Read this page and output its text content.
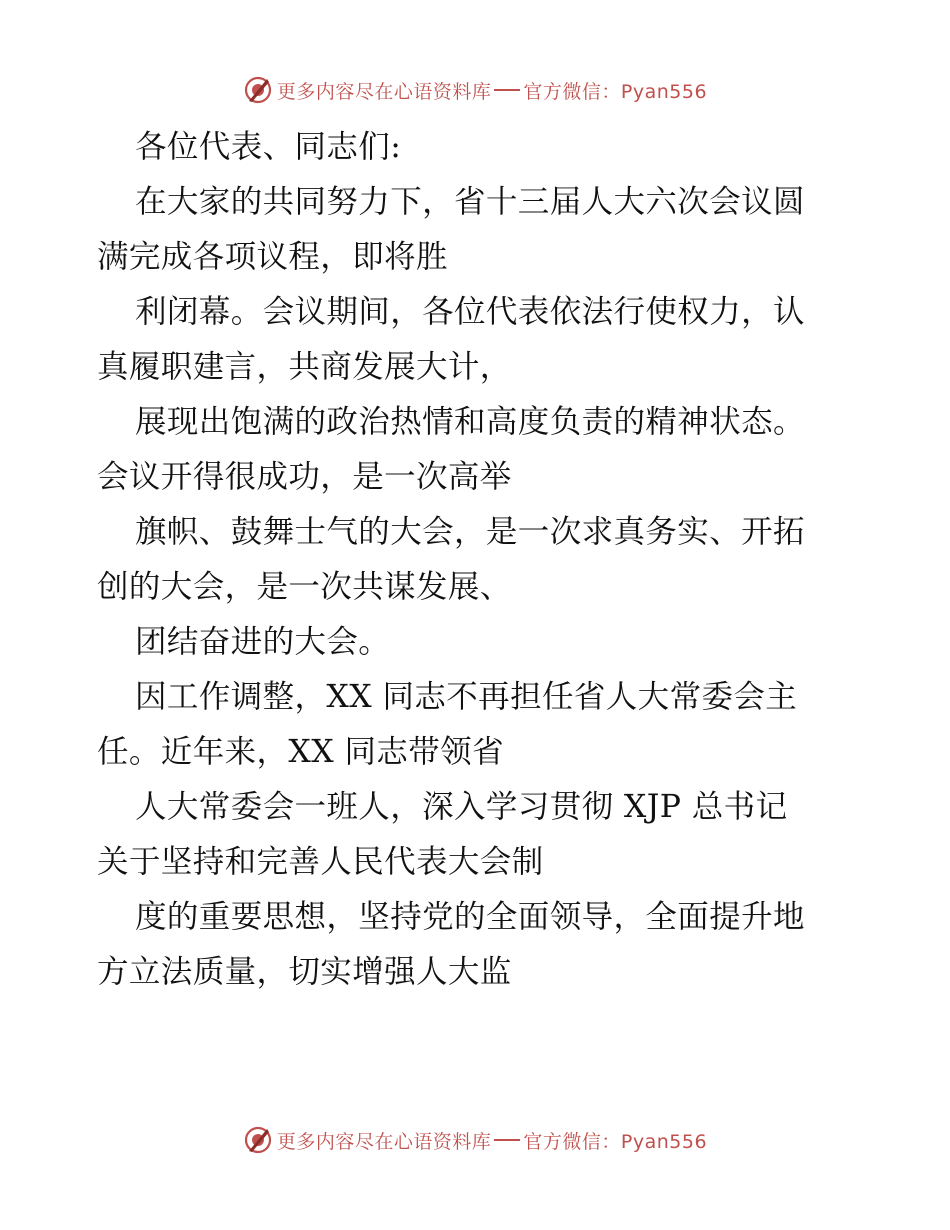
更多内容尽在心语资料库 官方微信：Pyan556
各位代表、同志们:
在大家的共同努力下，省十三届人大六次会议圆
满完成各项议程，即将胜
利闭幕。会议期间，各位代表依法行使权力，认
真履职建言，共商发展大计，
展现出饱满的政治热情和高度负责的精神状态。
会议开得很成功，是一次高举
旗帜、鼓舞士气的大会，是一次求真务实、开拓
创的大会，是一次共谋发展、
团结奋进的大会。
因工作调整，XX 同志不再担任省人大常委会主
任。近年来，XX 同志带领省
人大常委会一班人，深入学习贯彻 XJP 总书记
关于坚持和完善人民代表大会制
度的重要思想，坚持党的全面领导，全面提升地
方立法质量，切实增强人大监
更多内容尽在心语资料库 官方微信：Pyan556
